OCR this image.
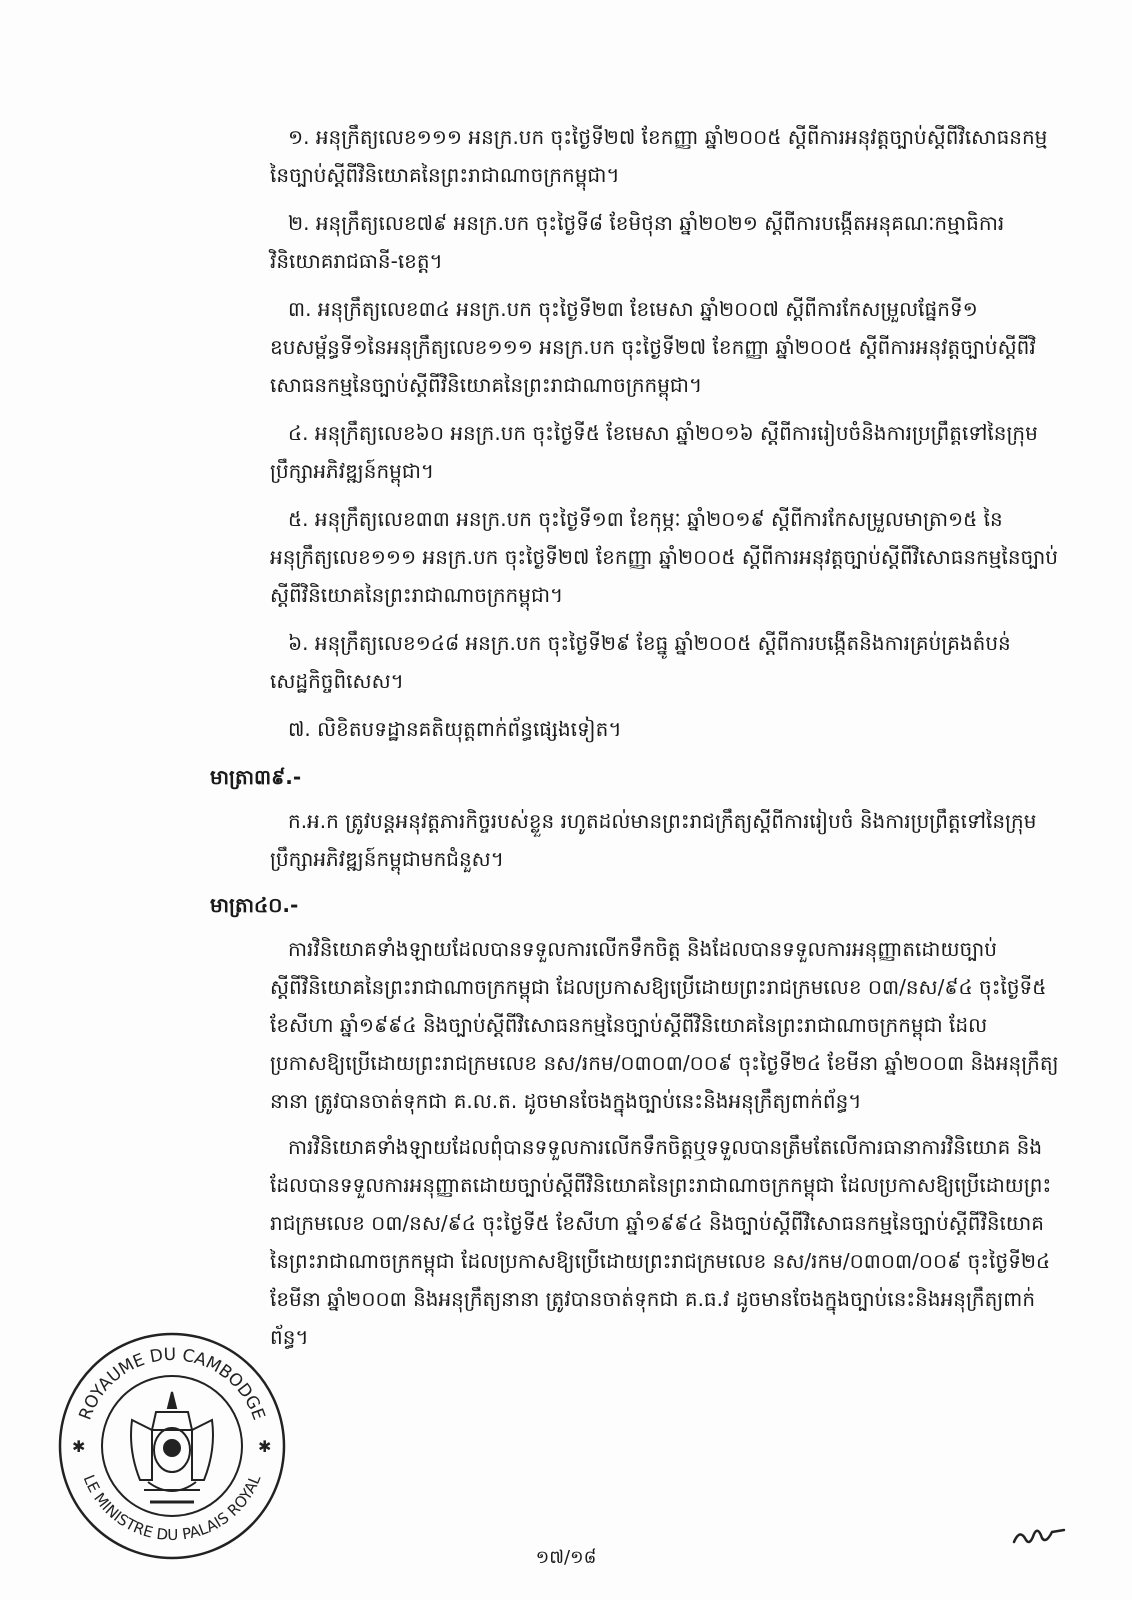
១. អនុក្រឹត្យលេខ១១១ អនក្រ.បក ចុះថ្ងៃទី២៧ ខែកញ្ញា ឆ្នាំ២០០៥ ស្តីពីការអនុវត្តច្បាប់ស្តីពីវិសោធនកម្មនៃច្បាប់ស្តីពីវិនិយោគនៃព្រះរាជាណាចក្រកម្ពុជា។

២. អនុក្រឹត្យលេខ៧៩ អនក្រ.បក ចុះថ្ងៃទី៨ ខែមិថុនា ឆ្នាំ២០២១ ស្តីពីការបង្កើតអនុគណៈកម្មាធិការវិនិយោគរាជធានី-ខេត្ត។

៣. អនុក្រឹត្យលេខ៣៤ អនក្រ.បក ចុះថ្ងៃទី២៣ ខែមេសា ឆ្នាំ២០០៧ ស្តីពីការកែសម្រួលផ្នែកទី១ ឧបសម្ព័ន្ធទី១នៃអនុក្រឹត្យលេខ១១១ អនក្រ.បក ចុះថ្ងៃទី២៧ ខែកញ្ញា ឆ្នាំ២០០៥ ស្តីពីការអនុវត្តច្បាប់ស្តីពីវិសោធនកម្មនៃច្បាប់ស្តីពីវិនិយោគនៃព្រះរាជាណាចក្រកម្ពុជា។

៤. អនុក្រឹត្យលេខ៦០ អនក្រ.បក ចុះថ្ងៃទី៥ ខែមេសា ឆ្នាំ២០១៦ ស្តីពីការរៀបចំនិងការប្រព្រឹត្តទៅនៃក្រុមប្រឹក្សាអភិវឌ្ឍន៍កម្ពុជា។

៥. អនុក្រឹត្យលេខ៣៣ អនក្រ.បក ចុះថ្ងៃទី១៣ ខែកុម្ភៈ ឆ្នាំ២០១៩ ស្តីពីការកែសម្រួលមាត្រា១៥ នៃអនុក្រឹត្យលេខ១១១ អនក្រ.បក ចុះថ្ងៃទី២៧ ខែកញ្ញា ឆ្នាំ២០០៥ ស្តីពីការអនុវត្តច្បាប់ស្តីពីវិសោធនកម្មនៃច្បាប់ស្តីពីវិនិយោគនៃព្រះរាជាណាចក្រកម្ពុជា។

៦. អនុក្រឹត្យលេខ១៤៨ អនក្រ.បក ចុះថ្ងៃទី២៩ ខែធ្នូ ឆ្នាំ២០០៥ ស្តីពីការបង្កើតនិងការគ្រប់គ្រងតំបន់សេដ្ឋកិច្ចពិសេស។

៧. លិខិតបទដ្ឋានគតិយុត្តពាក់ព័ន្ធផ្សេងទៀត។

មាត្រា៣៩.-

ក.អ.ក ត្រូវបន្តអនុវត្តភារកិច្ចរបស់ខ្លួន រហូតដល់មានព្រះរាជក្រឹត្យស្តីពីការរៀបចំ និងការប្រព្រឹត្តទៅនៃក្រុមប្រឹក្សាអភិវឌ្ឍន៍កម្ពុជាមកជំនួស។

មាត្រា៤០.-

ការវិនិយោគទាំងឡាយដែលបានទទួលការលើកទឹកចិត្ត និងដែលបានទទួលការអនុញ្ញាតដោយច្បាប់ស្តីពីវិនិយោគនៃព្រះរាជាណាចក្រកម្ពុជា ដែលប្រកាសឱ្យប្រើដោយព្រះរាជក្រមលេខ ០៣/នស/៩៤ ចុះថ្ងៃទី៥ ខែសីហា ឆ្នាំ១៩៩៤ និងច្បាប់ស្តីពីវិសោធនកម្មនៃច្បាប់ស្តីពីវិនិយោគនៃព្រះរាជាណាចក្រកម្ពុជា ដែលប្រកាសឱ្យប្រើដោយព្រះរាជក្រមលេខ នស/រកម/០៣០៣/០០៩ ចុះថ្ងៃទី២៤ ខែមីនា ឆ្នាំ២០០៣ និងអនុក្រឹត្យនានា ត្រូវបានចាត់ទុកជា គ.ល.ត. ដូចមានចែងក្នុងច្បាប់នេះនិងអនុក្រឹត្យពាក់ព័ន្ធ។

ការវិនិយោគទាំងឡាយដែលពុំបានទទួលការលើកទឹកចិត្តឬទទួលបានត្រឹមតែលើការធានាការវិនិយោគ និងដែលបានទទួលការអនុញ្ញាតដោយច្បាប់ស្តីពីវិនិយោគនៃព្រះរាជាណាចក្រកម្ពុជា ដែលប្រកាសឱ្យប្រើដោយព្រះរាជក្រមលេខ ០៣/នស/៩៤ ចុះថ្ងៃទី៥ ខែសីហា ឆ្នាំ១៩៩៤ និងច្បាប់ស្តីពីវិសោធនកម្មនៃច្បាប់ស្តីពីវិនិយោគនៃព្រះរាជាណាចក្រកម្ពុជា ដែលប្រកាសឱ្យប្រើដោយព្រះរាជក្រមលេខ នស/រកម/០៣០៣/០០៩ ចុះថ្ងៃទី២៤ ខែមីនា ឆ្នាំ២០០៣ និងអនុក្រឹត្យនានា ត្រូវបានចាត់ទុកជា គ.ធ.វ ដូចមានចែងក្នុងច្បាប់នេះនិងអនុក្រឹត្យពាក់ព័ន្ធ។

ROYAUME DU CAMBODGE
LE MINISTRE DU PALAIS ROYAL
✱	✱
១៧/១៨
